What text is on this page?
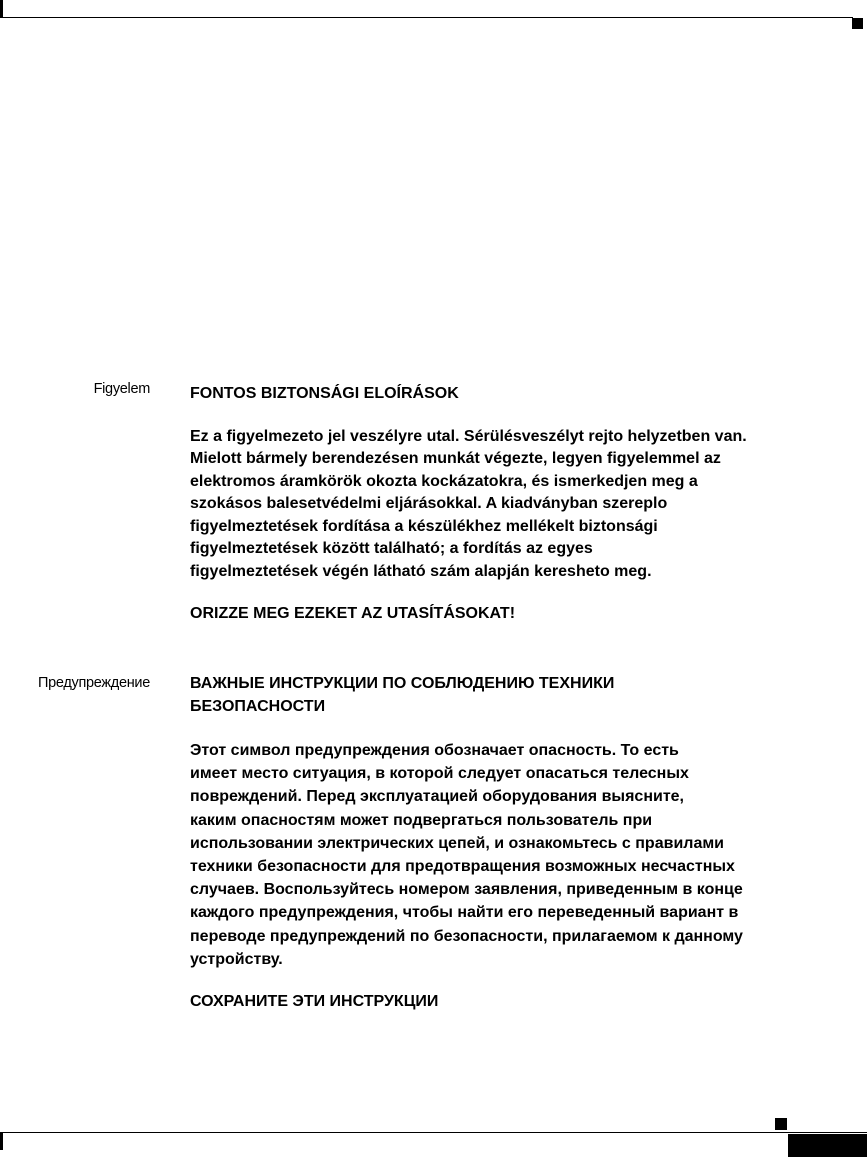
Figyelem	FONTOS BIZTONSÁGI ELOÍRÁSOK

Ez a figyelmezeto jel veszélyre utal. Sérülésveszélyt rejto helyzetben van.
Mielott bármely berendezésen munkát végezte, legyen figyelemmel az
elektromos áramkörök okozta kockázatokra, és ismerkedjen meg a
szokásos balesetvédelmi eljárásokkal. A kiadványban szereplo
figyelmeztetések fordítása a készülékhez mellékelt biztonsági
figyelmeztetések között található; a fordítás az egyes
figyelmeztetések végén látható szám alapján keresheto meg.

ORIZZE MEG EZEKET AZ UTASÍTÁSOKAT!

Предупреждение	ВАЖНЫЕ ИНСТРУКЦИИ ПО СОБЛЮДЕНИЮ ТЕХНИКИ
БЕЗОПАСНОСТИ
Этот символ предупреждения обозначает опасность. То есть
имеет место ситуация, в которой следует опасаться телесных
повреждений. Перед эксплуатацией оборудования выясните,
каким опасностям может подвергаться пользователь при
использовании электрических цепей, и ознакомьтесь с правилами
техники безопасности для предотвращения возможных несчастных
случаев. Воспользуйтесь номером заявления, приведенным в конце
каждого предупреждения, чтобы найти его переведенный вариант в
переводе предупреждений по безопасности, прилагаемом к данному
устройству.

СОХРАНИТЕ ЭТИ ИНСТРУКЦИИ
